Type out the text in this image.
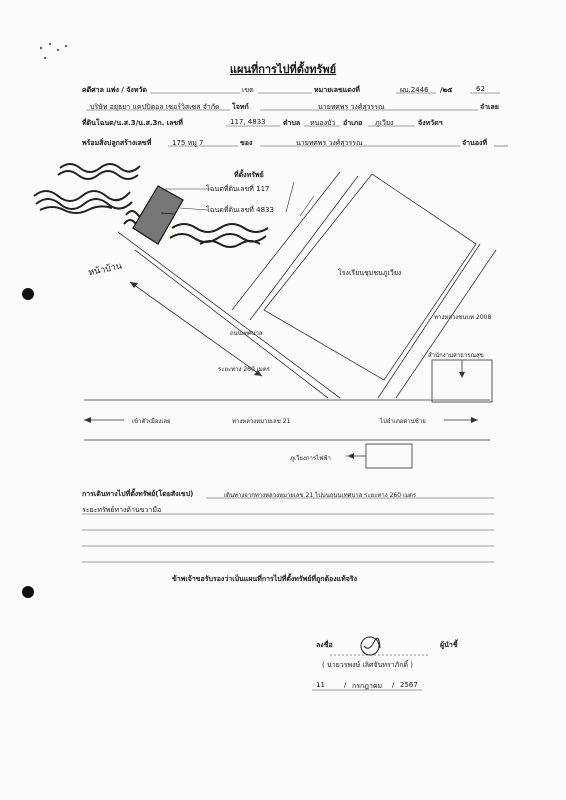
แผนที่การไปที่ตั้งทรัพย์
คดีศาล แพ่ง / จังหวัด	เขต	หมายเลขแดงที่	ผบ.2446 /๒๕	62
บริษัท อยุธยา แคปปิตอล เซอร์วิสเซส จำกัด โจทก์	นายทศพร วงศ์สุวรรณ	จำเลย
ที่ดินโฉนด/น.ส.3/น.ส.3ก. เลขที่	117, 4833 ตำบล หนองบัว อำเภอ ภูเวียง	จังหวัดฯ
พร้อมสิ่งปลูกสร้างเลขที่	175 หมู่ 7	ของ	นายทศพร วงศ์สุวรรณ	จำนองที่
ที่ตั้งทรัพย์
โฉนดที่ดินเลขที่ 117
โฉนดที่ดินเลขที่ 4833
หน้าบ้าน	โรงเรียนชุมชนภูเวียง
ทางหลวงชนบท 2008
สำนักงานสาธารณสุข
ถนนเทศบาล
ระยะทาง 260 เมตร
เข้าตัวเมืองเลย	ทางหลวงหมายเลข 21	ไปอำเภอด่านซ้าย
ภูเวียงการไฟฟ้า
การเดินทางไปที่ตั้งทรัพย์(โดยสังเขป)	เดินทางจากทางหลวงหมายเลข 21 ไปบนถนนเทศบาล ระยะทาง 260 เมตร
ระยะทรัพย์ทางด้านขวามือ
ข้าพเจ้าขอรับรองว่าเป็นแผนที่การไปที่ตั้งทรัพย์ที่ถูกต้องแท้จริง
ลงชื่อ	ผู้นำชี้
( นายวรพงษ์ เลิศจันทราภักดิ์ )
11	/ กรกฎาคม / 2567
